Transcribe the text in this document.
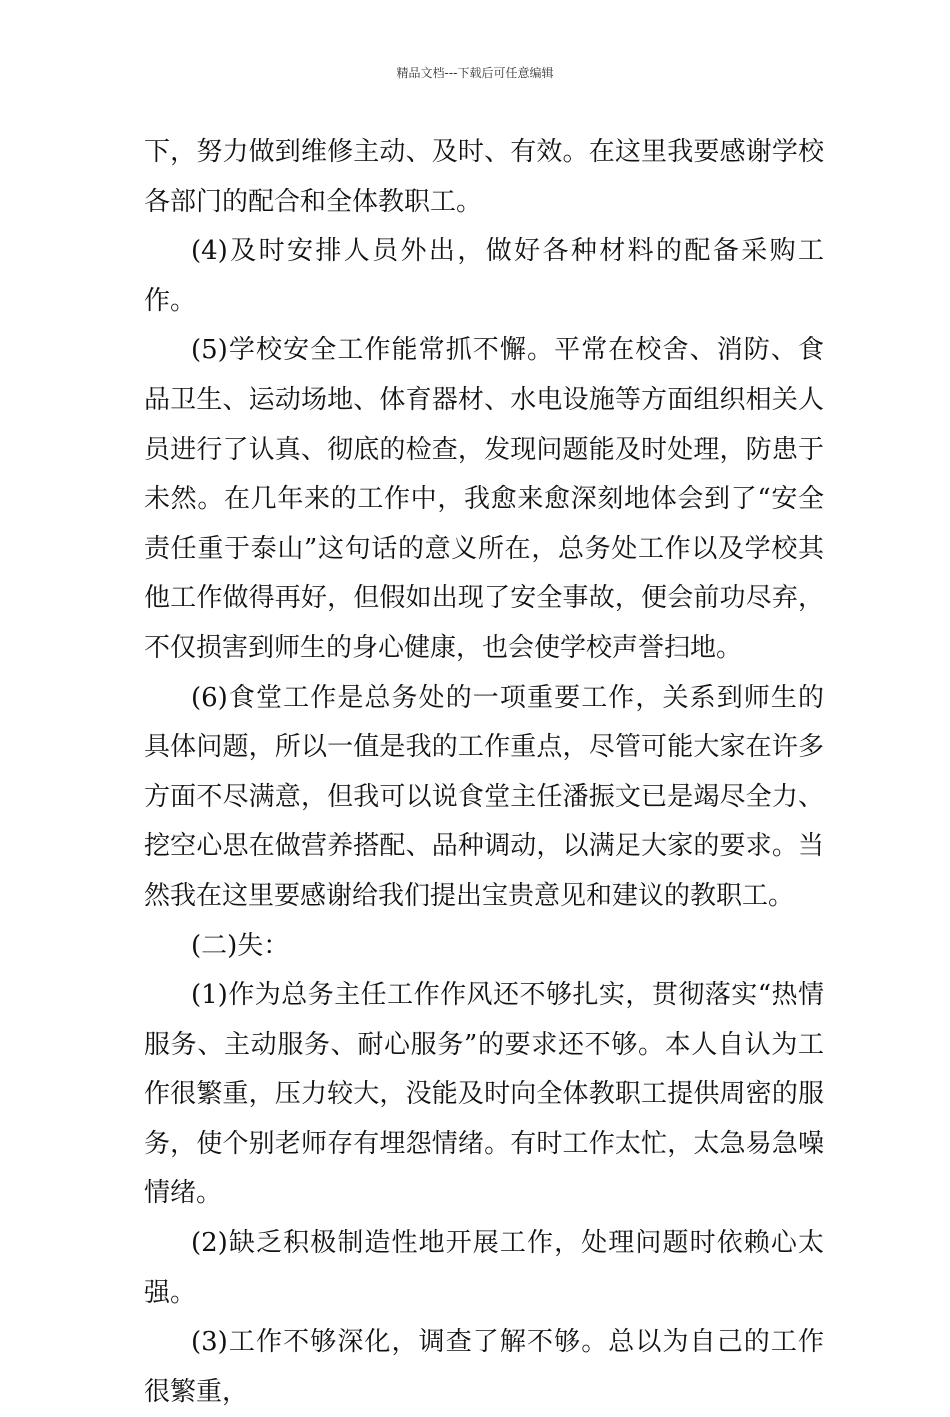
精品文档---下载后可任意编辑

下，努力做到维修主动、及时、有效。在这里我要感谢学校各部门的配合和全体教职工。

(4)及时安排人员外出，做好各种材料的配备采购工作。

(5)学校安全工作能常抓不懈。平常在校舍、消防、食品卫生、运动场地、体育器材、水电设施等方面组织相关人员进行了认真、彻底的检查，发现问题能及时处理，防患于未然。在几年来的工作中，我愈来愈深刻地体会到了“安全责任重于泰山”这句话的意义所在，总务处工作以及学校其他工作做得再好，但假如出现了安全事故，便会前功尽弃，不仅损害到师生的身心健康，也会使学校声誉扫地。

(6)食堂工作是总务处的一项重要工作，关系到师生的具体问题，所以一值是我的工作重点，尽管可能大家在许多方面不尽满意，但我可以说食堂主任潘振文已是竭尽全力、挖空心思在做营养搭配、品种调动，以满足大家的要求。当然我在这里要感谢给我们提出宝贵意见和建议的教职工。

(二)失：

(1)作为总务主任工作作风还不够扎实，贯彻落实“热情服务、主动服务、耐心服务”的要求还不够。本人自认为工作很繁重，压力较大，没能及时向全体教职工提供周密的服务，使个别老师存有埋怨情绪。有时工作太忙，太急易急噪情绪。

(2)缺乏积极制造性地开展工作，处理问题时依赖心太强。

(3)工作不够深化，调查了解不够。总以为自己的工作很繁重，
